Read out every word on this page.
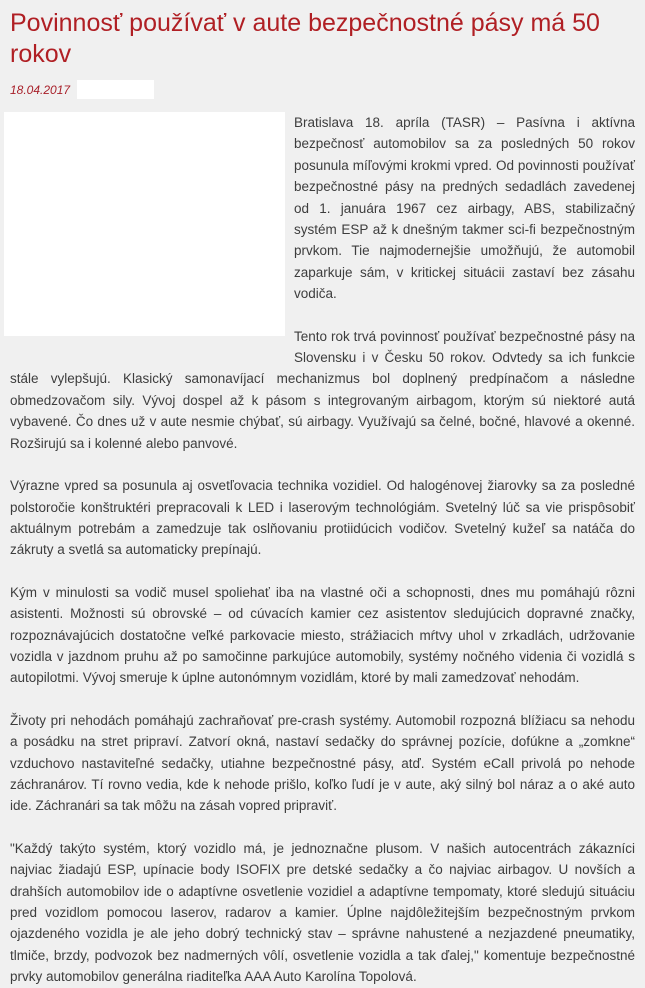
Povinnosť používať v aute bezpečnostné pásy má 50 rokov
18.04.2017

Bratislava 18. apríla (TASR) – Pasívna i aktívna bezpečnosť automobilov sa za posledných 50 rokov posunula míľovými krokmi vpred. Od povinnosti používať bezpečnostné pásy na predných sedadlách zavedenej od 1. januára 1967 cez airbagy, ABS, stabilizačný systém ESP až k dnešným takmer sci-fi bezpečnostným prvkom. Tie najmodernejšie umožňujú, že automobil zaparkuje sám, v kritickej situácii zastaví bez zásahu vodiča.

Tento rok trvá povinnosť používať bezpečnostné pásy na Slovensku i v Česku 50 rokov. Odvtedy sa ich funkcie stále vylepšujú. Klasický samonavíjací mechanizmus bol doplnený predpínačom a následne obmedzovačom sily. Vývoj dospel až k pásom s integrovaným airbagom, ktorým sú niektoré autá vybavené. Čo dnes už v aute nesmie chýbať, sú airbagy. Využívajú sa čelné, bočné, hlavové a okenné. Rozširujú sa i kolenné alebo panvové.

Výrazne vpred sa posunula aj osvetľovacia technika vozidiel. Od halogénovej žiarovky sa za posledné polstoročie konštruktéri prepracovali k LED i laserovým technológiám. Svetelný lúč sa vie prispôsobiť aktuálnym potrebám a zamedzuje tak oslňovaniu protiidúcich vodičov. Svetelný kužeľ sa natáča do zákruty a svetlá sa automaticky prepínajú.

Kým v minulosti sa vodič musel spoliehať iba na vlastné oči a schopnosti, dnes mu pomáhajú rôzni asistenti. Možnosti sú obrovské – od cúvacích kamier cez asistentov sledujúcich dopravné značky, rozpoznávajúcich dostatočne veľké parkovacie miesto, strážiacich mŕtvy uhol v zrkadlách, udržovanie vozidla v jazdnom pruhu až po samočinne parkujúce automobily, systémy nočného videnia či vozidlá s autopilotmi. Vývoj smeruje k úplne autonómnym vozidlám, ktoré by mali zamedzovať nehodám.

Životy pri nehodách pomáhajú zachraňovať pre-crash systémy. Automobil rozpozná blížiacu sa nehodu a posádku na stret pripraví. Zatvorí okná, nastaví sedačky do správnej pozície, dofúkne a „zomkne“ vzduchovo nastaviteľné sedačky, utiahne bezpečnostné pásy, atď. Systém eCall privolá po nehode záchranárov. Tí rovno vedia, kde k nehode prišlo, koľko ľudí je v aute, aký silný bol náraz a o aké auto ide. Záchranári sa tak môžu na zásah vopred pripraviť.

"Každý takýto systém, ktorý vozidlo má, je jednoznačne plusom. V našich autocentrách zákazníci najviac žiadajú ESP, upínacie body ISOFIX pre detské sedačky a čo najviac airbagov. U novších a drahších automobilov ide o adaptívne osvetlenie vozidiel a adaptívne tempomaty, ktoré sledujú situáciu pred vozidlom pomocou laserov, radarov a kamier. Úplne najdôležitejším bezpečnostným prvkom ojazdeného vozidla je ale jeho dobrý technický stav – správne nahustené a nezjazdené pneumatiky, tlmiče, brzdy, podvozok bez nadmerných vôlí, osvetlenie vozidla a tak ďalej," komentuje bezpečnostné prvky automobilov generálna riaditeľka AAA Auto Karolína Topolová.
